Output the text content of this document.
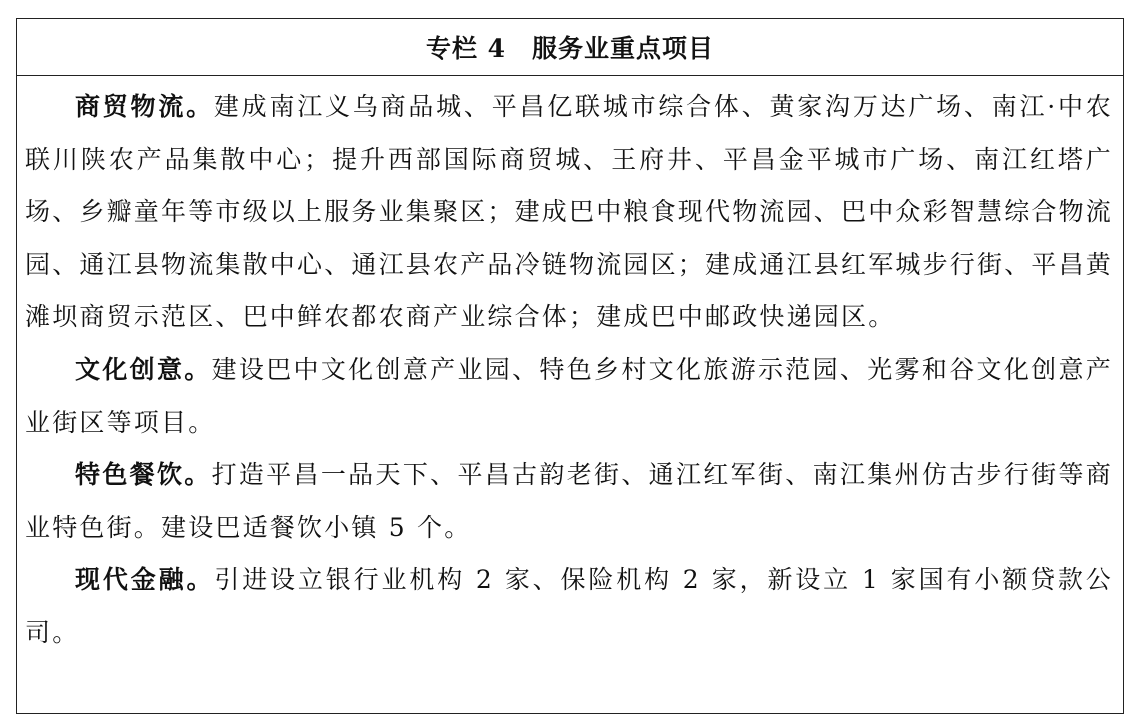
专栏 4 服务业重点项目

商贸物流。建成南江义乌商品城、平昌亿联城市综合体、黄家沟万达广场、南江·中农联川陕农产品集散中心；提升西部国际商贸城、王府井、平昌金平城市广场、南江红塔广场、乡瓣童年等市级以上服务业集聚区；建成巴中粮食现代物流园、巴中众彩智慧综合物流园、通江县物流集散中心、通江县农产品冷链物流园区；建成通江县红军城步行街、平昌黄滩坝商贸示范区、巴中鲜农都农商产业综合体；建成巴中邮政快递园区。

文化创意。建设巴中文化创意产业园、特色乡村文化旅游示范园、光雾和谷文化创意产业街区等项目。

特色餐饮。打造平昌一品天下、平昌古韵老街、通江红军街、南江集州仿古步行街等商业特色街。建设巴适餐饮小镇 5 个。

现代金融。引进设立银行业机构 2 家、保险机构 2 家，新设立 1 家国有小额贷款公司。
